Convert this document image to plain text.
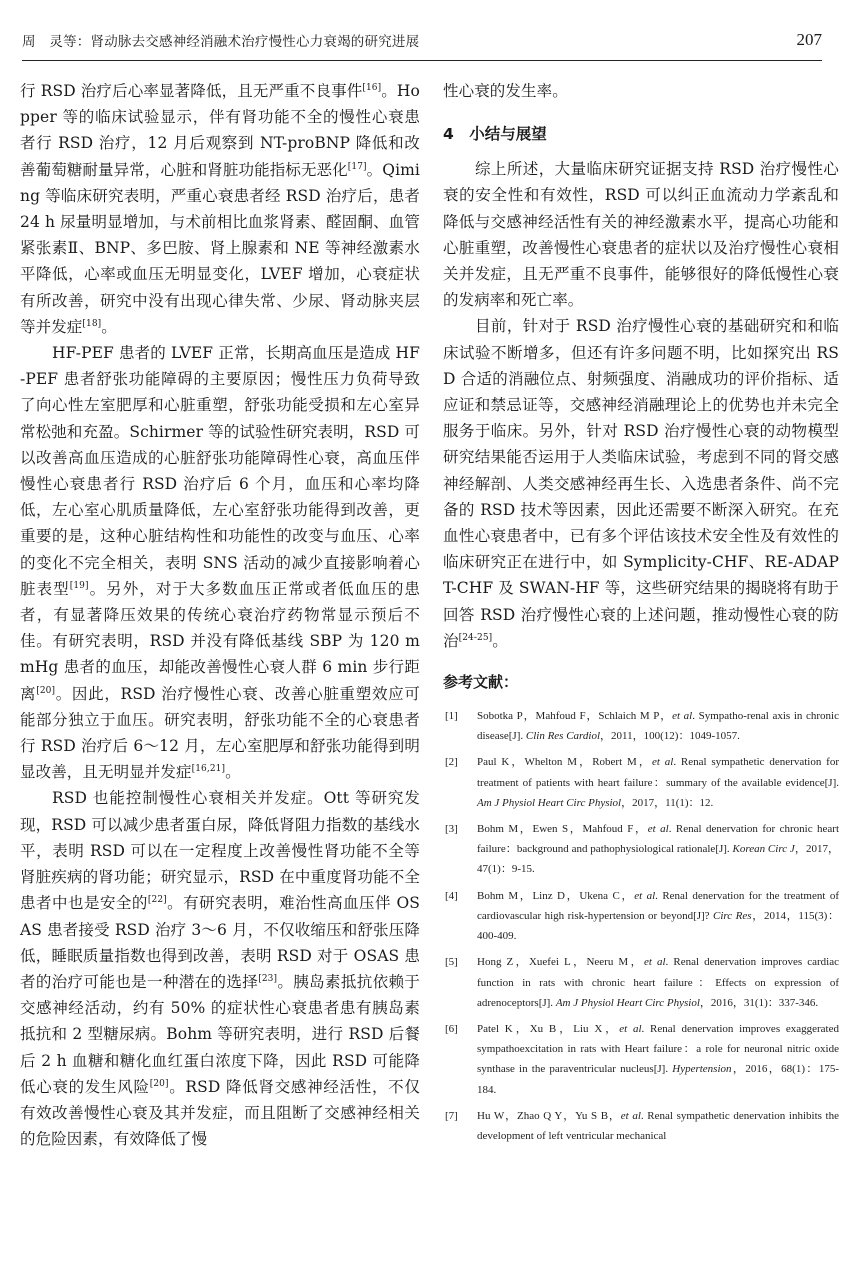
周　灵等：肾动脉去交感神经消融术治疗慢性心力衰竭的研究进展	207

行 RSD 治疗后心率显著降低，且无严重不良事件[16]。Hopper 等的临床试验显示，伴有肾功能不全的慢性心衰患者行 RSD 治疗，12 月后观察到 NT-proBNP 降低和改善葡萄糖耐量异常，心脏和肾脏功能指标无恶化[17]。Qiming 等临床研究表明，严重心衰患者经 RSD 治疗后，患者 24 h 尿量明显增加，与术前相比血浆肾素、醛固酮、血管紧张素Ⅱ、BNP、多巴胺、肾上腺素和 NE 等神经激素水平降低，心率或血压无明显变化，LVEF 增加，心衰症状有所改善，研究中没有出现心律失常、少尿、肾动脉夹层等并发症[18]。

HF-PEF 患者的 LVEF 正常，长期高血压是造成 HF-PEF 患者舒张功能障碍的主要原因；慢性压力负荷导致了向心性左室肥厚和心脏重塑，舒张功能受损和左心室异常松弛和充盈。Schirmer 等的试验性研究表明，RSD 可以改善高血压造成的心脏舒张功能障碍性心衰，高血压伴慢性心衰患者行 RSD 治疗后 6 个月，血压和心率均降低，左心室心肌质量降低，左心室舒张功能得到改善，更重要的是，这种心脏结构性和功能性的改变与血压、心率的变化不完全相关，表明 SNS 活动的减少直接影响着心脏表型[19]。另外，对于大多数血压正常或者低血压的患者，有显著降压效果的传统心衰治疗药物常显示预后不佳。有研究表明，RSD 并没有降低基线 SBP 为 120 mmHg 患者的血压，却能改善慢性心衰人群 6 min 步行距离[20]。因此，RSD 治疗慢性心衰、改善心脏重塑效应可能部分独立于血压。研究表明，舒张功能不全的心衰患者行 RSD 治疗后 6～12 月，左心室肥厚和舒张功能得到明显改善，且无明显并发症[16,21]。

RSD 也能控制慢性心衰相关并发症。Ott 等研究发现，RSD 可以减少患者蛋白尿，降低肾阻力指数的基线水平，表明 RSD 可以在一定程度上改善慢性肾功能不全等肾脏疾病的肾功能；研究显示，RSD 在中重度肾功能不全患者中也是安全的[22]。有研究表明，难治性高血压伴 OSAS 患者接受 RSD 治疗 3～6 月，不仅收缩压和舒张压降低，睡眠质量指数也得到改善，表明 RSD 对于 OSAS 患者的治疗可能也是一种潜在的选择[23]。胰岛素抵抗依赖于交感神经活动，约有 50% 的症状性心衰患者患有胰岛素抵抗和 2 型糖尿病。Bohm 等研究表明，进行 RSD 后餐后 2 h 血糖和糖化血红蛋白浓度下降，因此 RSD 可能降低心衰的发生风险[20]。RSD 降低肾交感神经活性，不仅有效改善慢性心衰及其并发症，而且阻断了交感神经相关的危险因素，有效降低了慢

性心衰的发生率。

4　小结与展望

综上所述，大量临床研究证据支持 RSD 治疗慢性心衰的安全性和有效性，RSD 可以纠正血流动力学紊乱和降低与交感神经活性有关的神经激素水平，提高心功能和心脏重塑，改善慢性心衰患者的症状以及治疗慢性心衰相关并发症，且无严重不良事件，能够很好的降低慢性心衰的发病率和死亡率。

目前，针对于 RSD 治疗慢性心衰的基础研究和和临床试验不断增多，但还有许多问题不明，比如探究出 RSD 合适的消融位点、射频强度、消融成功的评价指标、适应证和禁忌证等，交感神经消融理论上的优势也并未完全服务于临床。另外，针对 RSD 治疗慢性心衰的动物模型研究结果能否运用于人类临床试验，考虑到不同的肾交感神经解剖、人类交感神经再生长、入选患者条件、尚不完备的 RSD 技术等因素，因此还需要不断深入研究。在充血性心衰患者中，已有多个评估该技术安全性及有效性的临床研究正在进行中，如 Symplicity-CHF、RE-ADAPT-CHF 及 SWAN-HF 等，这些研究结果的揭晓将有助于回答 RSD 治疗慢性心衰的上述问题，推动慢性心衰的防治[24-25]。

参考文献：
[1] Sobotka P，Mahfoud F，Schlaich M P，et al. Sympatho-renal axis in chronic disease[J]. Clin Res Cardiol，2011，100(12)：1049-1057.
[2] Paul K，Whelton M，Robert M，et al. Renal sympathetic denervation for treatment of patients with heart failure：summary of the available evidence[J]. Am J Physiol Heart Circ Physiol，2017，11(1)：12.
[3] Bohm M，Ewen S，Mahfoud F，et al. Renal denervation for chronic heart failure：background and pathophysiological rationale[J]. Korean Circ J，2017，47(1)：9-15.
[4] Bohm M，Linz D，Ukena C，et al. Renal denervation for the treatment of cardiovascular high risk-hypertension or beyond[J]? Circ Res，2014，115(3)：400-409.
[5] Hong Z，Xuefei L，Neeru M，et al. Renal denervation improves cardiac function in rats with chronic heart failure：Effects on expression of adrenoceptors[J]. Am J Physiol Heart Circ Physiol，2016，31(1)：337-346.
[6] Patel K，Xu B，Liu X，et al. Renal denervation improves exaggerated sympathoexcitation in rats with Heart failure：a role for neuronal nitric oxide synthase in the paraventricular nucleus[J]. Hypertension，2016，68(1)：175-184.
[7] Hu W，Zhao Q Y，Yu S B，et al. Renal sympathetic denervation inhibits the development of left ventricular mechanical
